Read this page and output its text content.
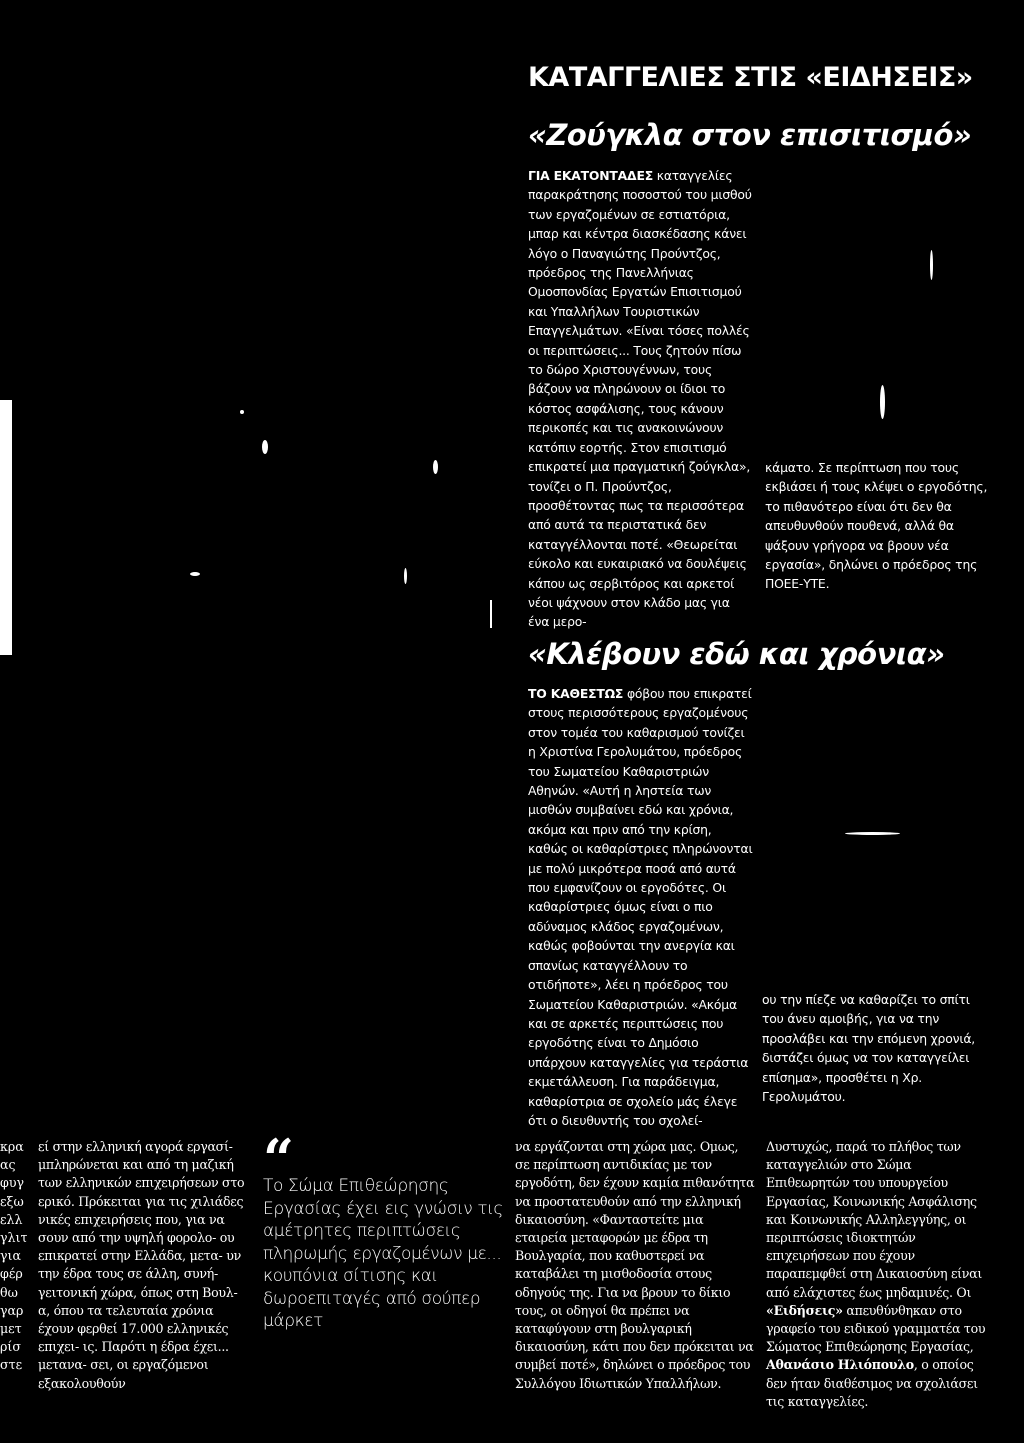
ΚΑΤΑΓΓΕΛΙΕΣ ΣΤΙΣ «ΕΙΔΗΣΕΙΣ»
«Ζούγκλα στον επισιτισμό»

ΓΙΑ ΕΚΑΤΟΝΤΑΔΕΣ καταγγελίες παρακράτησης ποσοστού του μισθού των εργαζομένων σε εστιατόρια, μπαρ και κέντρα διασκέδασης κάνει λόγο ο Παναγιώτης Προύντζος, πρόεδρος της Πανελλήνιας Ομοσπονδίας Εργατών Επισιτισμού και Υπαλλήλων Τουριστικών Επαγγελμάτων. «Είναι τόσες πολλές οι περιπτώσεις... Τους ζητούν πίσω το δώρο Χριστουγέννων, τους βάζουν να πληρώνουν οι ίδιοι το κόστος ασφάλισης, τους κάνουν περικοπές και τις ανακοινώνουν κατόπιν εορτής. Στον επισιτισμό επικρατεί μια πραγματική ζούγκλα», τονίζει ο Π. Προύντζος, προσθέτοντας πως τα περισσότερα από αυτά τα περιστατικά δεν καταγγέλλονται ποτέ. «Θεωρείται εύκολο και ευκαιριακό να δουλέψεις κάπου ως σερβιτόρος και αρκετοί νέοι ψάχνουν στον κλάδο μας για ένα μερο-

κάματο. Σε περίπτωση που τους εκβιάσει ή τους κλέψει ο εργοδότης, το πιθανότερο είναι ότι δεν θα απευθυνθούν πουθενά, αλλά θα ψάξουν γρήγορα να βρουν νέα εργασία», δηλώνει ο πρόεδρος της ΠΟΕΕ-ΥΤΕ.

«Κλέβουν εδώ και χρόνια»

ΤΟ ΚΑΘΕΣΤΩΣ φόβου που επικρατεί στους περισσότερους εργαζομένους στον τομέα του καθαρισμού τονίζει η Χριστίνα Γερολυμάτου, πρόεδρος του Σωματείου Καθαριστριών Αθηνών. «Αυτή η ληστεία των μισθών συμβαίνει εδώ και χρόνια, ακόμα και πριν από την κρίση, καθώς οι καθαρίστριες πληρώνονται με πολύ μικρότερα ποσά από αυτά που εμφανίζουν οι εργοδότες. Οι καθαρίστριες όμως είναι ο πιο αδύναμος κλάδος εργαζομένων, καθώς φοβούνται την ανεργία και σπανίως καταγγέλλουν το οτιδήποτε», λέει η πρόεδρος του Σωματείου Καθαριστριών. «Ακόμα και σε αρκετές περιπτώσεις που εργοδότης είναι το Δημόσιο υπάρχουν καταγγελίες για τεράστια εκμετάλλευση. Για παράδειγμα, καθαρίστρια σε σχολείο μάς έλεγε ότι ο διευθυντής του σχολεί-

ου την πίεζε να καθαρίζει το σπίτι του άνευ αμοιβής, για να την προσλάβει και την επόμενη χρονιά, διστάζει όμως να τον καταγγείλει επίσημα», προσθέτει η Χρ. Γερολυμάτου.

κρα
ας
φυγ
εξω
ελλ
γλιτ
για
φέρ
θω
γαρ
μετ
ρίσ
στε

εί στην ελληνική αγορά εργασί- μπληρώνεται και από τη μαζική των ελληνικών επιχειρήσεων στο ερικό. Πρόκειται για τις χιλιάδες νικές επιχειρήσεις που, για να σουν από την υψηλή φορολο- ου επικρατεί στην Ελλάδα, μετα- υν την έδρα τους σε άλλη, συνή- γειτονική χώρα, όπως στη Βουλ- α, όπου τα τελευταία χρόνια έχουν φερθεί 17.000 ελληνικές επιχει- ις. Παρότι η έδρα έχει... μετανα- σει, οι εργαζόμενοι εξακολουθούν

“
Το Σώμα Επιθεώρησης Εργασίας έχει εις γνώσιν τις αμέτρητες περιπτώσεις πληρωμής εργαζομένων με... κουπόνια σίτισης και δωροεπιταγές από σούπερ μάρκετ

να εργάζονται στη χώρα μας. Ομως, σε περίπτωση αντιδικίας με τον εργοδότη, δεν έχουν καμία πιθανότητα να προστατευθούν από την ελληνική δικαιοσύνη. «Φανταστείτε μια εταιρεία μεταφορών με έδρα τη Βουλγαρία, που καθυστερεί να καταβάλει τη μισθοδοσία στους οδηγούς της. Για να βρουν το δίκιο τους, οι οδηγοί θα πρέπει να καταφύγουν στη βουλγαρική δικαιοσύνη, κάτι που δεν πρόκειται να συμβεί ποτέ», δηλώνει ο πρόεδρος του Συλλόγου Ιδιωτικών Υπαλλήλων.

Δυστυχώς, παρά το πλήθος των καταγγελιών στο Σώμα Επιθεωρητών του υπουργείου Εργασίας, Κοινωνικής Ασφάλισης και Κοινωνικής Αλληλεγγύης, οι περιπτώσεις ιδιοκτητών επιχειρήσεων που έχουν παραπεμφθεί στη Δικαιοσύνη είναι από ελάχιστες έως μηδαμινές. Οι «Ειδήσεις» απευθύνθηκαν στο γραφείο του ειδικού γραμματέα του Σώματος Επιθεώρησης Εργασίας, Αθανάσιο Ηλιόπουλο, ο οποίος δεν ήταν διαθέσιμος να σχολιάσει τις καταγγελίες.
